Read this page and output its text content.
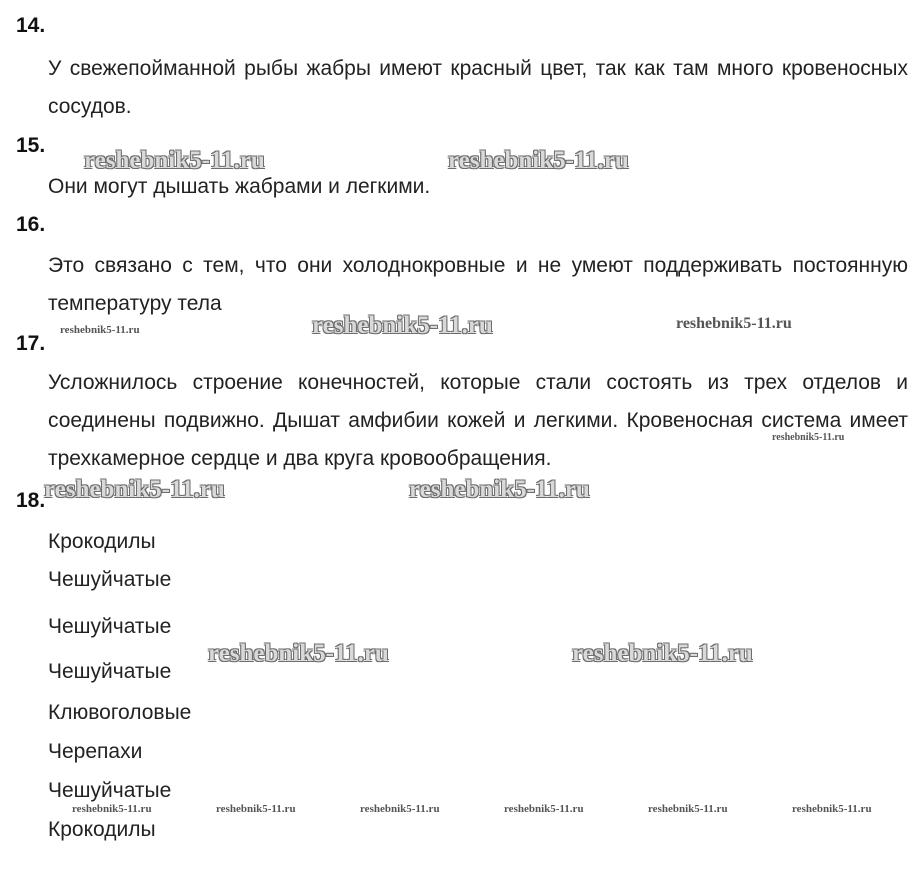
14.

У свежепойманной рыбы жабры имеют красный цвет, так как там много кровеносных сосудов.

15.

Они могут дышать жабрами и легкими.

16.

Это связано с тем, что они холоднокровные и не умеют поддерживать постоянную температуру тела

17.

Усложнилось строение конечностей, которые стали состоять из трех отделов и соединены подвижно. Дышат амфибии кожей и легкими. Кровеносная система имеет трехкамерное сердце и два круга кровообращения.

18.
Крокодилы
Чешуйчатые
Чешуйчатые
Чешуйчатые
Клювоголовые
Черепахи
Чешуйчатые
Крокодилы
reshebnik5-11.ru	reshebnik5-11.ru
reshebnik5-11.ru	reshebnik5-11.ru	reshebnik5-11.ru
reshebnik5-11.ru
reshebnik5-11.ru	reshebnik5-11.ru
reshebnik5-11.ru	reshebnik5-11.ru
reshebnik5-11.ru	reshebnik5-11.ru	reshebnik5-11.ru	reshebnik5-11.ru	reshebnik5-11.ru	reshebnik5-11.ru
